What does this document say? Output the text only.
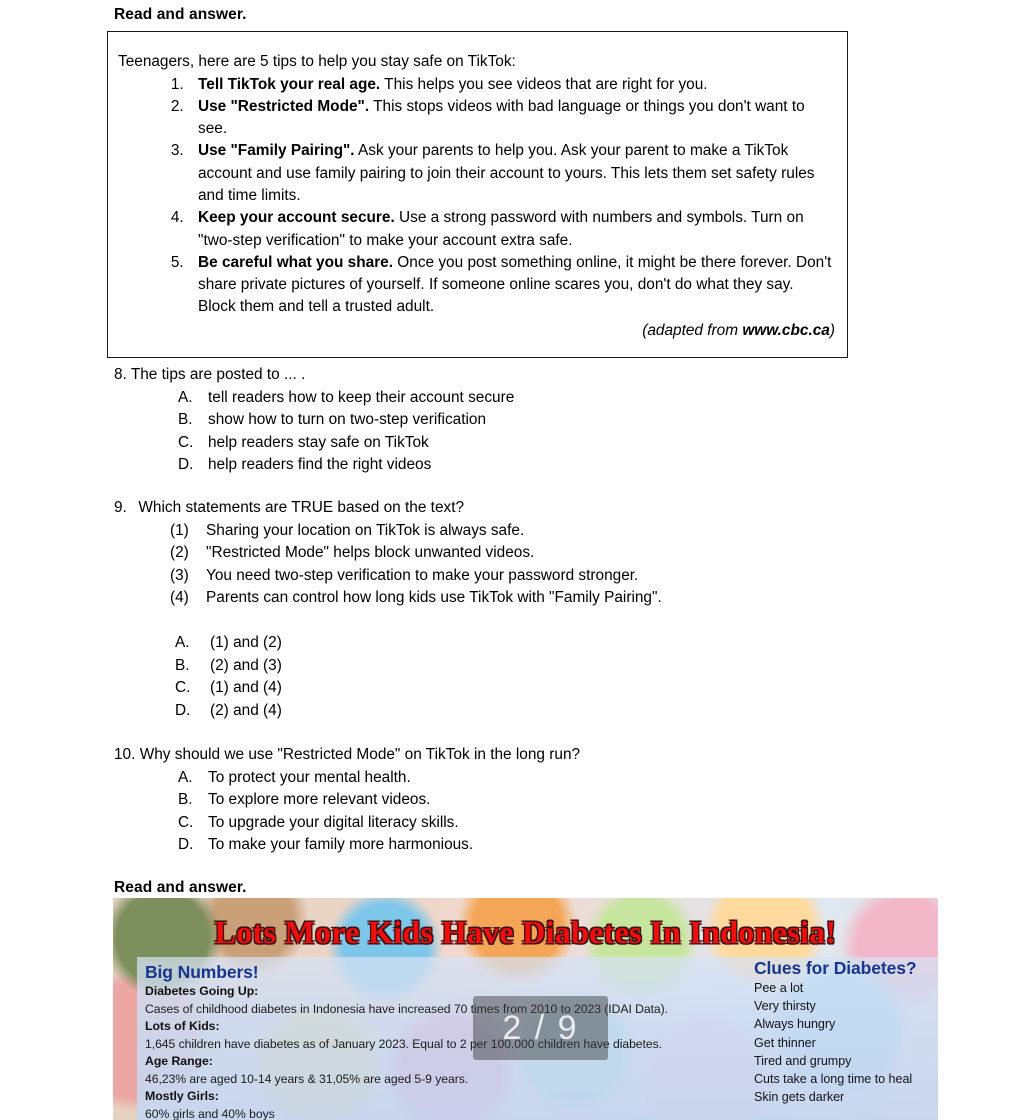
Read and answer.
Teenagers, here are 5 tips to help you stay safe on TikTok:
1. Tell TikTok your real age. This helps you see videos that are right for you.
2. Use "Restricted Mode". This stops videos with bad language or things you don't want to see.
3. Use "Family Pairing". Ask your parents to help you. Ask your parent to make a TikTok account and use family pairing to join their account to yours. This lets them set safety rules and time limits.
4. Keep your account secure. Use a strong password with numbers and symbols. Turn on "two-step verification" to make your account extra safe.
5. Be careful what you share. Once you post something online, it might be there forever. Don't share private pictures of yourself. If someone online scares you, don't do what they say. Block them and tell a trusted adult.
(adapted from www.cbc.ca)
8. The tips are posted to ... .
A.	tell readers how to keep their account secure
B.	show how to turn on two-step verification
C. help readers stay safe on TikTok
D. help readers find the right videos
9. Which statements are TRUE based on the text?
(1)	Sharing your location on TikTok is always safe.
(2)	"Restricted Mode" helps block unwanted videos.
(3)	You need two-step verification to make your password stronger.
(4)	Parents can control how long kids use TikTok with "Family Pairing".
A.	(1) and (2)
B.	(2) and (3)
C.	(1) and (4)
D.	(2) and (4)
10. Why should we use "Restricted Mode" on TikTok in the long run?
A.	To protect your mental health.
B.	To explore more relevant videos.
C. To upgrade your digital literacy skills.
D. To make your family more harmonious.
Read and answer.
Lots More Kids Have Diabetes In Indonesia!
Big Numbers!
Diabetes Going Up:
Cases of childhood diabetes in Indonesia have increased 70 times from 2010 to 2023 (IDAI Data).
Lots of Kids:
1,645 children have diabetes as of January 2023. Equal to 2 per 100.000 children have diabetes.
Age Range:
46,23% are aged 10-14 years & 31,05% are aged 5-9 years.
Mostly Girls:
60% girls and 40% boys
Clues for Diabetes?
Pee a lot
Very thirsty
Always hungry
Get thinner
Tired and grumpy
Cuts take a long time to heal
Skin gets darker
2 / 9
